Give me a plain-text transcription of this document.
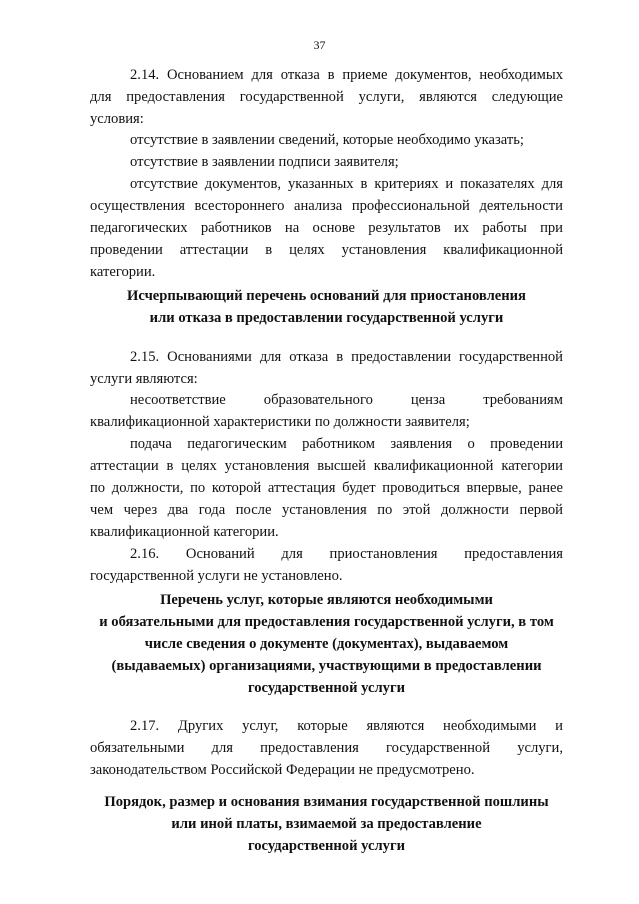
37
2.14. Основанием для отказа в приеме документов, необходимых
для предоставления государственной услуги, являются следующие
условия:
отсутствие в заявлении сведений, которые необходимо указать;
отсутствие в заявлении подписи заявителя;
отсутствие документов, указанных в критериях и показателях для
осуществления всестороннего анализа профессиональной деятельности
педагогических работников на основе результатов их работы при
проведении аттестации в целях установления квалификационной
категории.
Исчерпывающий перечень оснований для приостановления
или отказа в предоставлении государственной услуги
2.15. Основаниями для отказа в предоставлении государственной
услуги являются:
несоответствие образовательного ценза требованиям
квалификационной характеристики по должности заявителя;
подача педагогическим работником заявления о проведении
аттестации в целях установления высшей квалификационной категории
по должности, по которой аттестация будет проводиться впервые, ранее
чем через два года после установления по этой должности первой
квалификационной категории.
2.16. Оснований для приостановления предоставления
государственной услуги не установлено.
Перечень услуг, которые являются необходимыми
и обязательными для предоставления государственной услуги, в том
числе сведения о документе (документах), выдаваемом
(выдаваемых) организациями, участвующими в предоставлении
государственной услуги
2.17. Других услуг, которые являются необходимыми и
обязательными для предоставления государственной услуги,
законодательством Российской Федерации не предусмотрено.
Порядок, размер и основания взимания государственной пошлины
или иной платы, взимаемой за предоставление
государственной услуги
